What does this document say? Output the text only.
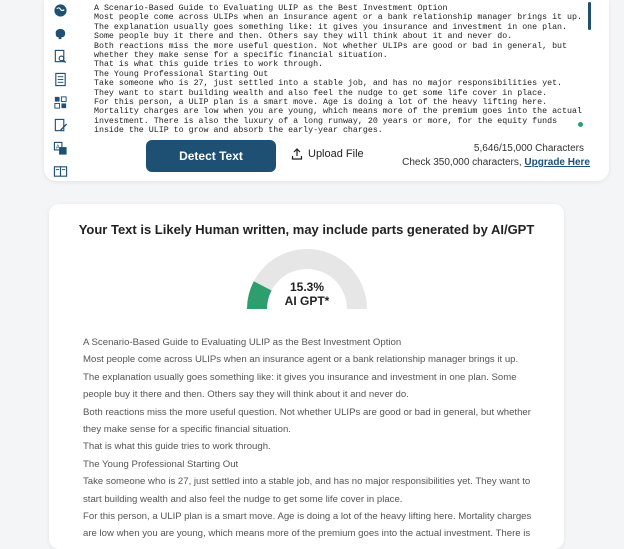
A
A Scenario-Based Guide to Evaluating ULIP as the Best Investment Option
Most people come across ULIPs when an insurance agent or a bank relationship manager brings it up. The explanation usually goes something like: it gives you insurance and investment in one plan. Some people buy it there and then. Others say they will think about it and never do.
Both reactions miss the more useful question. Not whether ULIPs are good or bad in general, but whether they make sense for a specific financial situation.
That is what this guide tries to work through.
The Young Professional Starting Out
Take someone who is 27, just settled into a stable job, and has no major responsibilities yet. They want to start building wealth and also feel the nudge to get some life cover in place.
For this person, a ULIP plan is a smart move. Age is doing a lot of the heavy lifting here. Mortality charges are low when you are young, which means more of the premium goes into the actual investment. There is also the luxury of a long runway, 20 years or more, for the equity funds inside the ULIP to grow and absorb the early-year charges.
Detect Text	Upload File	5,646/15,000 Characters
Check 350,000 characters, Upgrade Here
Your Text is Likely Human written, may include parts generated by AI/GPT
15.3%
AI GPT*
A Scenario-Based Guide to Evaluating ULIP as the Best Investment Option
Most people come across ULIPs when an insurance agent or a bank relationship manager brings it up.
The explanation usually goes something like: it gives you insurance and investment in one plan. Some people buy it there and then. Others say they will think about it and never do.
Both reactions miss the more useful question. Not whether ULIPs are good or bad in general, but whether they make sense for a specific financial situation.
That is what this guide tries to work through.
The Young Professional Starting Out
Take someone who is 27, just settled into a stable job, and has no major responsibilities yet. They want to start building wealth and also feel the nudge to get some life cover in place.
For this person, a ULIP plan is a smart move. Age is doing a lot of the heavy lifting here. Mortality charges are low when you are young, which means more of the premium goes into the actual investment. There is
